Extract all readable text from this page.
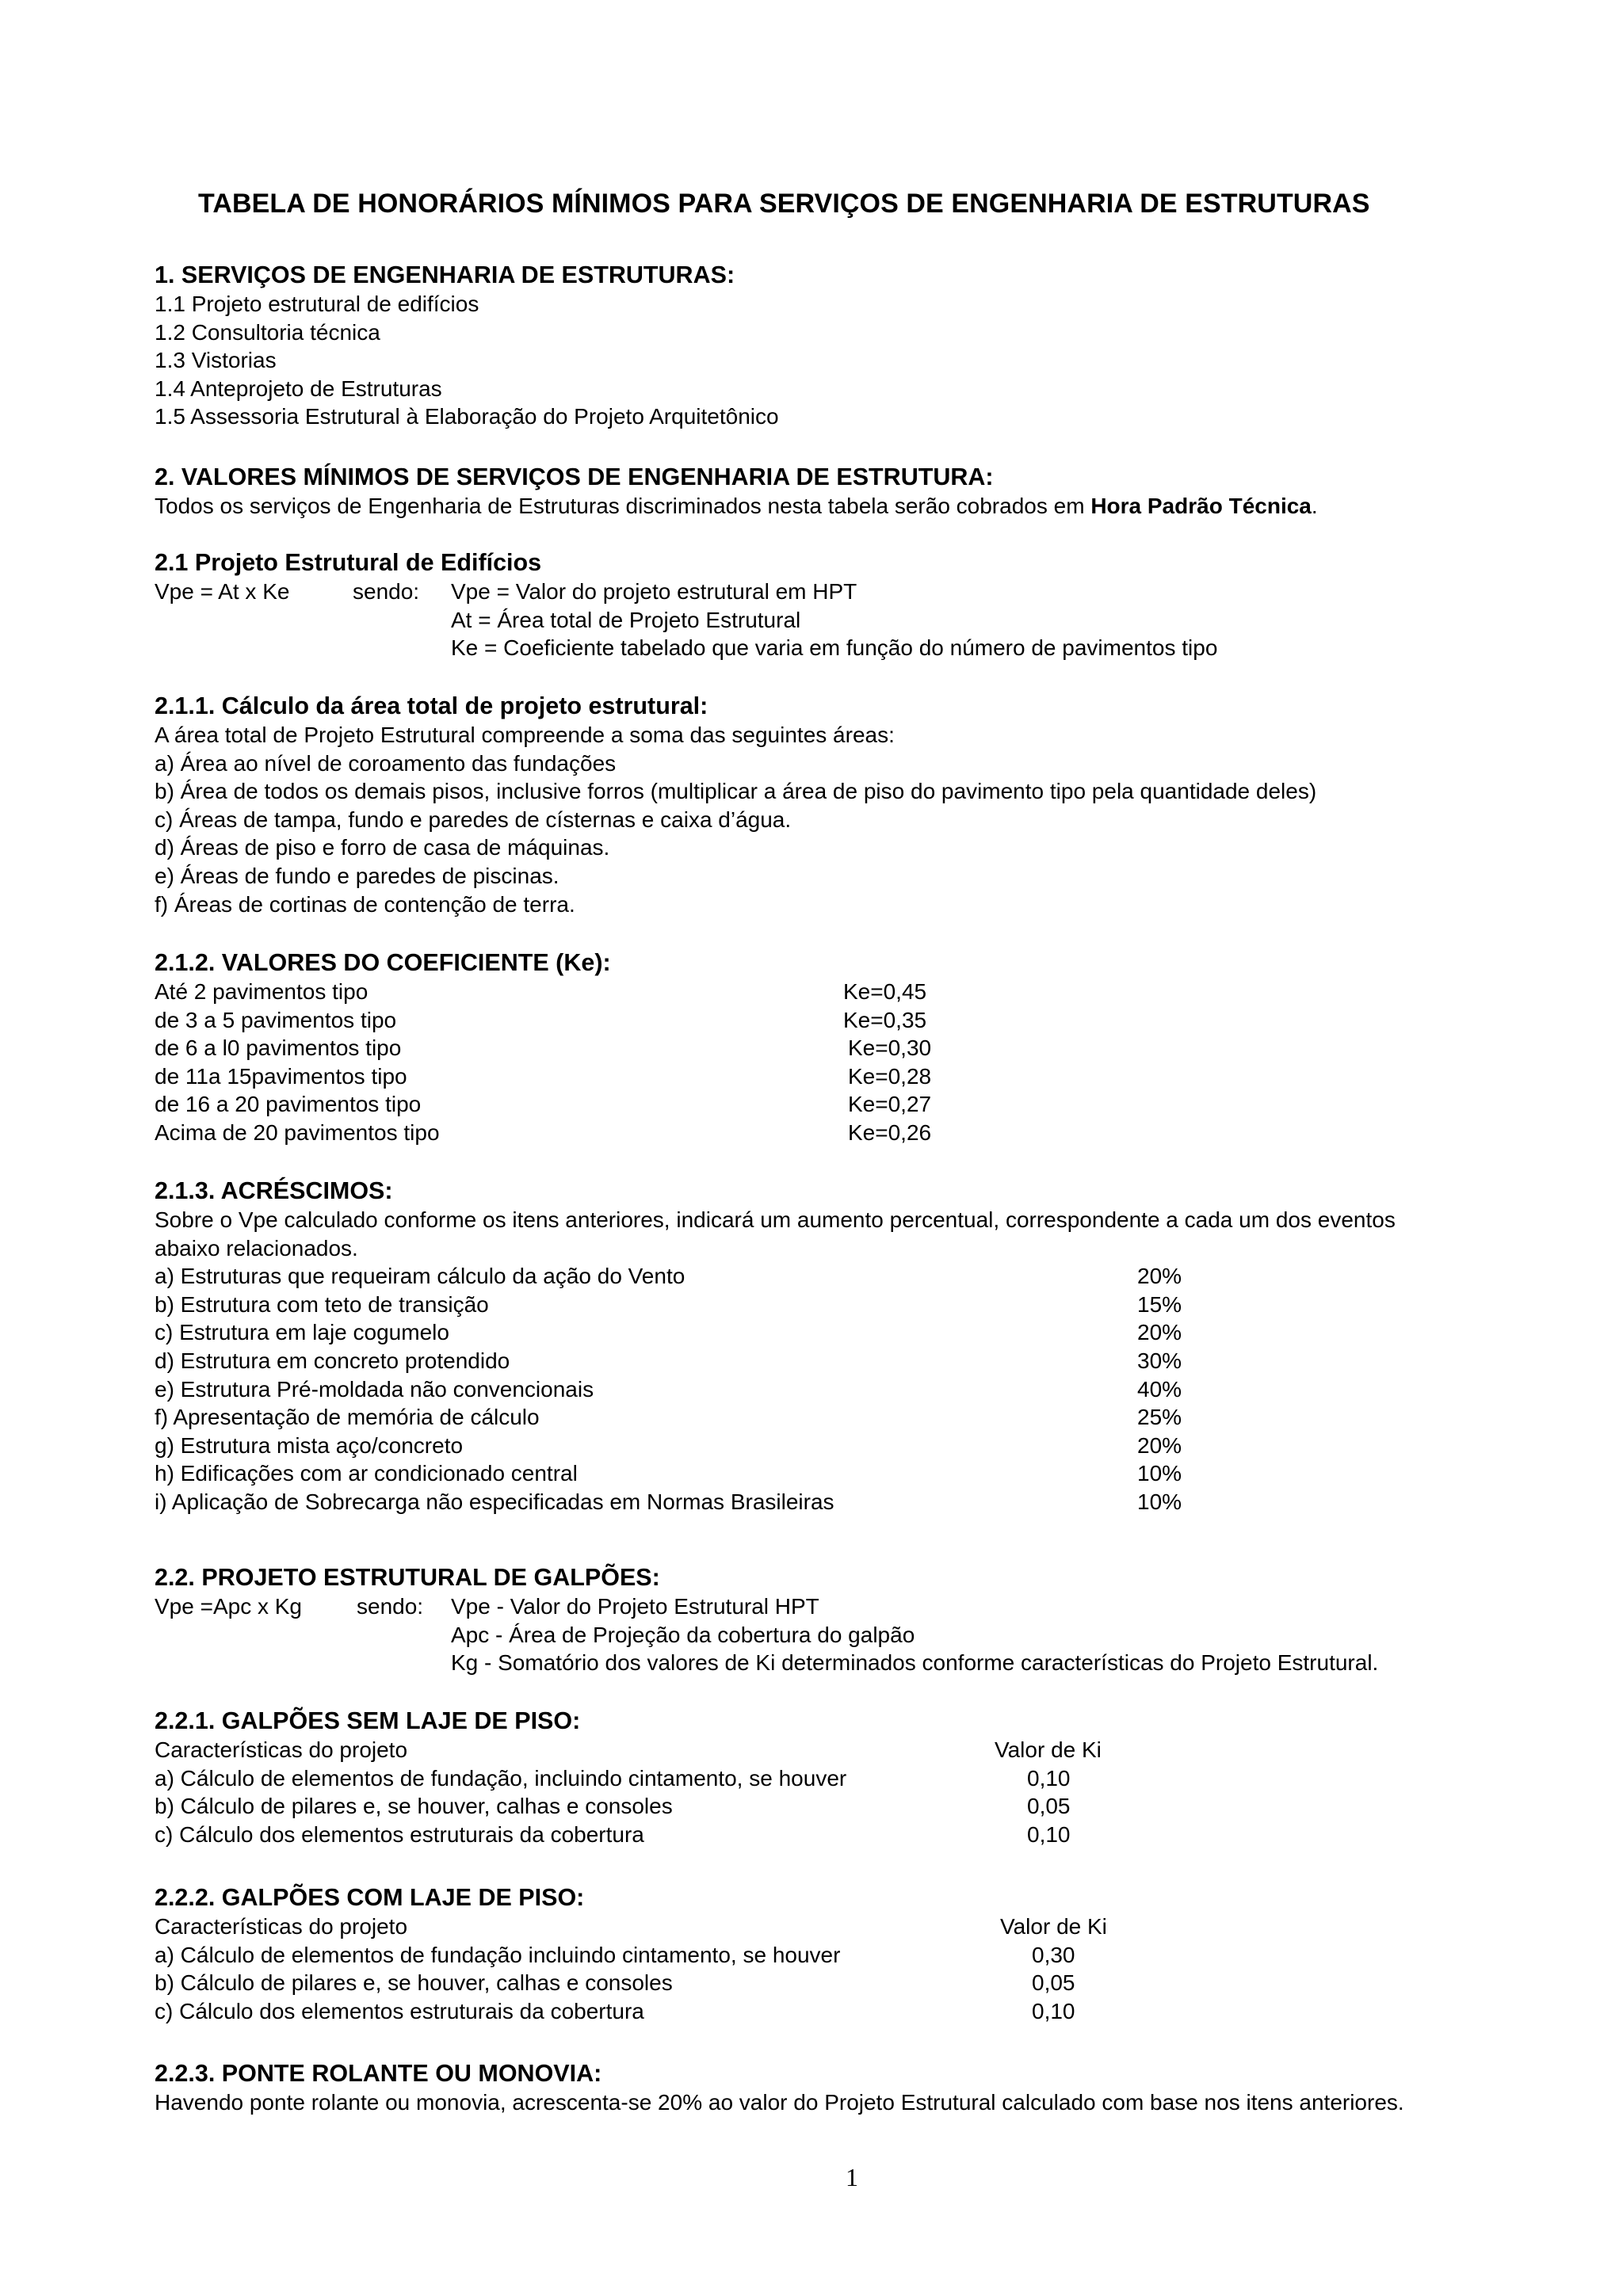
TABELA DE HONORÁRIOS MÍNIMOS PARA SERVIÇOS DE ENGENHARIA DE ESTRUTURAS
1. SERVIÇOS DE ENGENHARIA DE ESTRUTURAS:
1.1 Projeto estrutural de edifícios
1.2 Consultoria técnica
1.3 Vistorias
1.4 Anteprojeto de Estruturas
1.5 Assessoria Estrutural à Elaboração do Projeto Arquitetônico
2. VALORES MÍNIMOS DE SERVIÇOS DE ENGENHARIA DE ESTRUTURA:
Todos os serviços de Engenharia de Estruturas discriminados nesta tabela serão cobrados em Hora Padrão Técnica.
2.1 Projeto Estrutural de Edifícios
Vpe = At x Ke	sendo: Vpe = Valor do projeto estrutural em HPT
At = Área total de Projeto Estrutural
Ke = Coeficiente tabelado que varia em função do número de pavimentos tipo
2.1.1. Cálculo da área total de projeto estrutural:
A área total de Projeto Estrutural compreende a soma das seguintes áreas:
a) Área ao nível de coroamento das fundações
b) Área de todos os demais pisos, inclusive forros (multiplicar a área de piso do pavimento tipo pela quantidade deles)
c) Áreas de tampa, fundo e paredes de císternas e caixa d’água.
d) Áreas de piso e forro de casa de máquinas.
e) Áreas de fundo e paredes de piscinas.
f) Áreas de cortinas de contenção de terra.
2.1.2. VALORES DO COEFICIENTE (Ke):
Até 2 pavimentos tipo	Ke=0,45
de 3 a 5 pavimentos tipo	Ke=0,35
de 6 a l0 pavimentos tipo	Ke=0,30
de 11a 15pavimentos tipo	Ke=0,28
de 16 a 20 pavimentos tipo	Ke=0,27
Acima de 20 pavimentos tipo	Ke=0,26
2.1.3. ACRÉSCIMOS:
Sobre o Vpe calculado conforme os itens anteriores, indicará um aumento percentual, correspondente a cada um dos eventos
abaixo relacionados.
a) Estruturas que requeiram cálculo da ação do Vento	20%
b) Estrutura com teto de transição	15%
c) Estrutura em laje cogumelo	20%
d) Estrutura em concreto protendido	30%
e) Estrutura Pré-moldada não convencionais	40%
f) Apresentação de memória de cálculo	25%
g) Estrutura mista aço/concreto	20%
h) Edificações com ar condicionado central	10%
i) Aplicação de Sobrecarga não especificadas em Normas Brasileiras	10%
2.2. PROJETO ESTRUTURAL DE GALPÕES:
Vpe =Apc x Kg sendo: Vpe - Valor do Projeto Estrutural HPT
Apc - Área de Projeção da cobertura do galpão
Kg - Somatório dos valores de Ki determinados conforme características do Projeto Estrutural.
2.2.1. GALPÕES SEM LAJE DE PISO:
Características do projeto	Valor de Ki
a) Cálculo de elementos de fundação, incluindo cintamento, se houver	0,10
b) Cálculo de pilares e, se houver, calhas e consoles	0,05
c) Cálculo dos elementos estruturais da cobertura	0,10
2.2.2. GALPÕES COM LAJE DE PISO:
Características do projeto	Valor de Ki
a) Cálculo de elementos de fundação incluindo cintamento, se houver	0,30
b) Cálculo de pilares e, se houver, calhas e consoles	0,05
c) Cálculo dos elementos estruturais da cobertura	0,10
2.2.3. PONTE ROLANTE OU MONOVIA:
Havendo ponte rolante ou monovia, acrescenta-se 20% ao valor do Projeto Estrutural calculado com base nos itens anteriores.
1
